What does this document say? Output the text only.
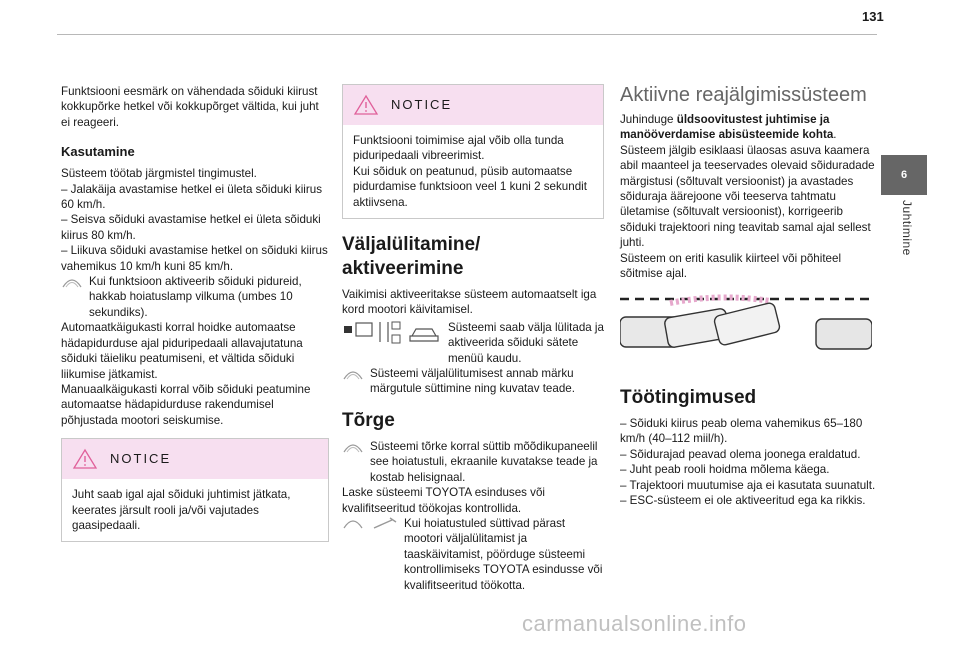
131
6
Juhtimine

Funktsiooni eesmärk on vähendada sõiduki kiirust kokkupõrke hetkel või kokkupõrget vältida, kui juht ei reageeri.

Kasutamine

Süsteem töötab järgmistel tingimustel.

– Jalakäija avastamise hetkel ei ületa sõiduki kiirus 60 km/h.

– Seisva sõiduki avastamise hetkel ei ületa sõiduki kiirus 80 km/h.

– Liikuva sõiduki avastamise hetkel on sõiduki kiirus vahemikus 10 km/h kuni 85 km/h.

Kui funktsioon aktiveerib sõiduki pidureid, hakkab hoiatuslamp vilkuma (umbes 10 sekundiks).

Automaatkäigukasti korral hoidke automaatse hädapidurduse ajal piduripedaali allavajutatuna sõiduki täieliku peatumiseni, et vältida sõiduki liikumise jätkamist.

Manuaalkäigukasti korral võib sõiduki peatumine automaatse hädapidurduse rakendumisel põhjustada mootori seiskumise.

NOTICE

Juht saab igal ajal sõiduki juhtimist jätkata, keerates järsult rooli ja/või vajutades gaasipedaali.

NOTICE

Funktsiooni toimimise ajal võib olla tunda piduripedaali vibreerimist.

Kui sõiduk on peatunud, püsib automaatse pidurdamise funktsioon veel 1 kuni 2 sekundit aktiivsena.

Väljalülitamine/ aktiveerimine

Vaikimisi aktiveeritakse süsteem automaatselt iga kord mootori käivitamisel.

Süsteemi saab välja lülitada ja aktiveerida sõiduki sätete menüü kaudu.

Süsteemi väljalülitumisest annab märku märgutule süttimine ning kuvatav teade.

Tõrge

Süsteemi tõrke korral süttib mõõdikupaneelil see hoiatustuli, ekraanile kuvatakse teade ja kostab helisignaal.

Laske süsteemi TOYOTA esinduses või kvalifitseeritud töökojas kontrollida.

Kui hoiatustuled süttivad pärast mootori väljalülitamist ja taaskäivitamist, pöörduge süsteemi kontrollimiseks TOYOTA esindusse või kvalifitseeritud töökotta.

Aktiivne reajälgimissüsteem

Juhinduge üldsoovitustest juhtimise ja manööverdamise abisüsteemide kohta.

Süsteem jälgib esiklaasi ülaosas asuva kaamera abil maanteel ja teeservades olevaid sõiduradade märgistusi (sõltuvalt versioonist) ja avastades sõiduraja äärejoone või teeserva tahtmatu ületamise (sõltuvalt versioonist), korrigeerib sõiduki trajektoori ning teavitab samal ajal sellest juhti.

Süsteem on eriti kasulik kiirteel või põhiteel sõitmise ajal.

Töötingimused

– Sõiduki kiirus peab olema vahemikus 65–180 km/h (40–112 miil/h).

– Sõidurajad peavad olema joonega eraldatud.

– Juht peab rooli hoidma mõlema käega.

– Trajektoori muutumise aja ei kasutata suunatult.

– ESC-süsteem ei ole aktiveeritud ega ka rikkis.

carmanualsonline.info
